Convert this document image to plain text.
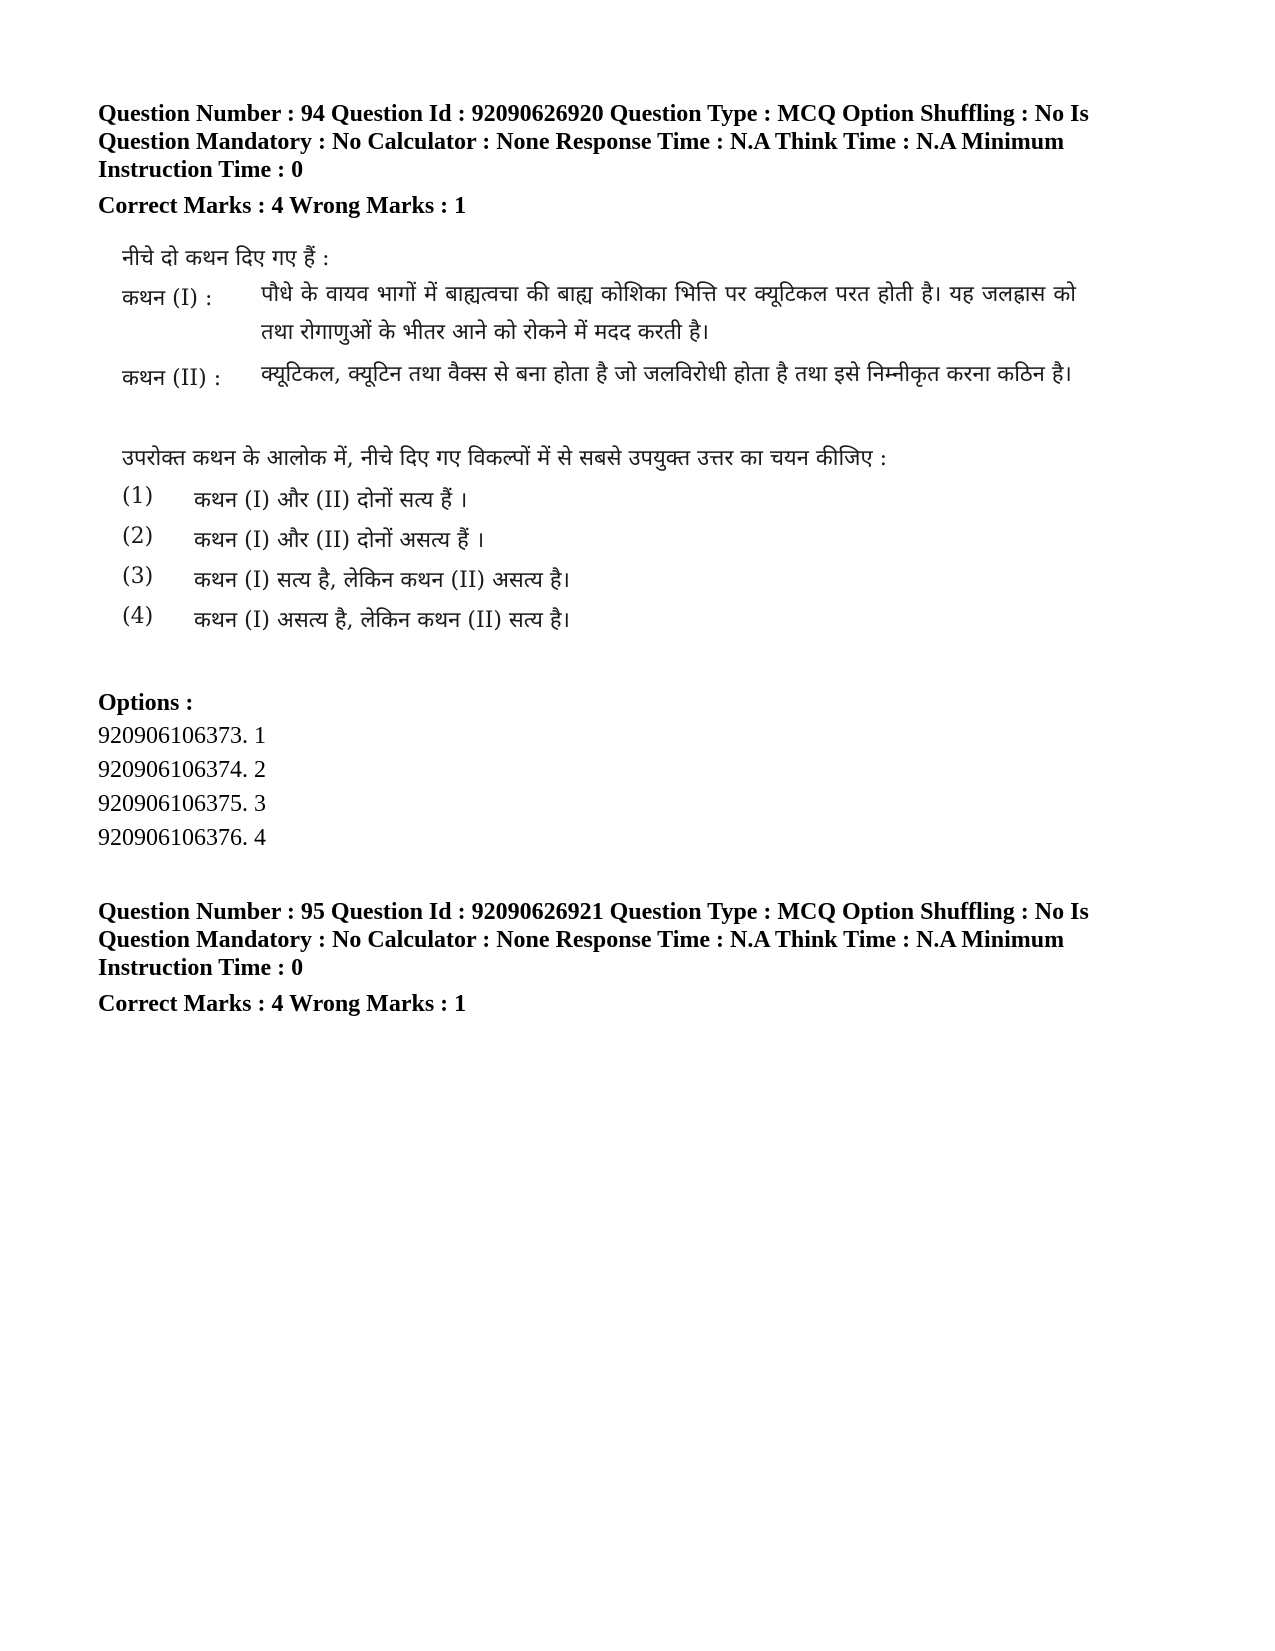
Question Number : 94 Question Id : 92090626920 Question Type : MCQ Option Shuffling : No Is Question Mandatory : No Calculator : None Response Time : N.A Think Time : N.A Minimum Instruction Time : 0
Correct Marks : 4 Wrong Marks : 1
नीचे दो कथन दिए गए हैं :
कथन (I) : पौधे के वायव भागों में बाह्यत्वचा की बाह्य कोशिका भित्ति पर क्यूटिकल परत होती है। यह जलह्रास को तथा रोगाणुओं के भीतर आने को रोकने में मदद करती है।
कथन (II) : क्यूटिकल, क्यूटिन तथा वैक्स से बना होता है जो जलविरोधी होता है तथा इसे निम्नीकृत करना कठिन है।
उपरोक्त कथन के आलोक में, नीचे दिए गए विकल्पों में से सबसे उपयुक्त उत्तर का चयन कीजिए :
(1) कथन (I) और (II) दोनों सत्य हैं ।
(2) कथन (I) और (II) दोनों असत्य हैं ।
(3) कथन (I) सत्य है, लेकिन कथन (II) असत्य है।
(4) कथन (I) असत्य है, लेकिन कथन (II) सत्य है।
Options :
920906106373. 1
920906106374. 2
920906106375. 3
920906106376. 4
Question Number : 95 Question Id : 92090626921 Question Type : MCQ Option Shuffling : No Is Question Mandatory : No Calculator : None Response Time : N.A Think Time : N.A Minimum Instruction Time : 0
Correct Marks : 4 Wrong Marks : 1
